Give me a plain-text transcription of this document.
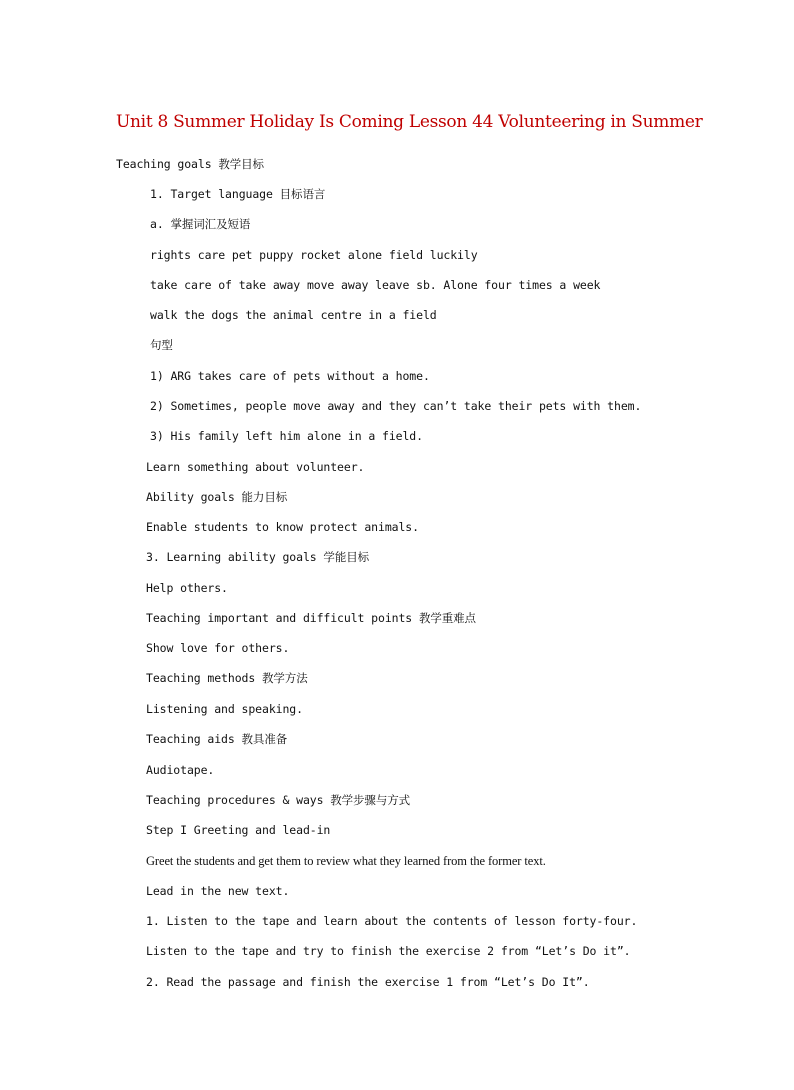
Unit 8 Summer Holiday Is Coming Lesson 44 Volunteering in Summer
Teaching goals 教学目标
1. Target language 目标语言
a. 掌握词汇及短语
rights care pet puppy rocket alone field luckily
take care of take away move away leave sb. Alone four times a week
walk the dogs the animal centre in a field
句型
1) ARG takes care of pets without a home.
2) Sometimes, people move away and they can’t take their pets with them.
3) His family left him alone in a field.
Learn something about volunteer.
Ability goals 能力目标
Enable students to know protect animals.
3. Learning ability goals 学能目标
Help others.
Teaching important and difficult points 教学重难点
Show love for others.
Teaching methods 教学方法
Listening and speaking.
Teaching aids 教具准备
Audiotape.
Teaching procedures & ways 教学步骤与方式
Step I Greeting and lead-in
Greet the students and get them to review what they learned from the former text.
Lead in the new text.
1. Listen to the tape and learn about the contents of lesson forty-four.
Listen to the tape and try to finish the exercise 2 from “Let’s Do it”.
2. Read the passage and finish the exercise 1 from “Let’s Do It”.
